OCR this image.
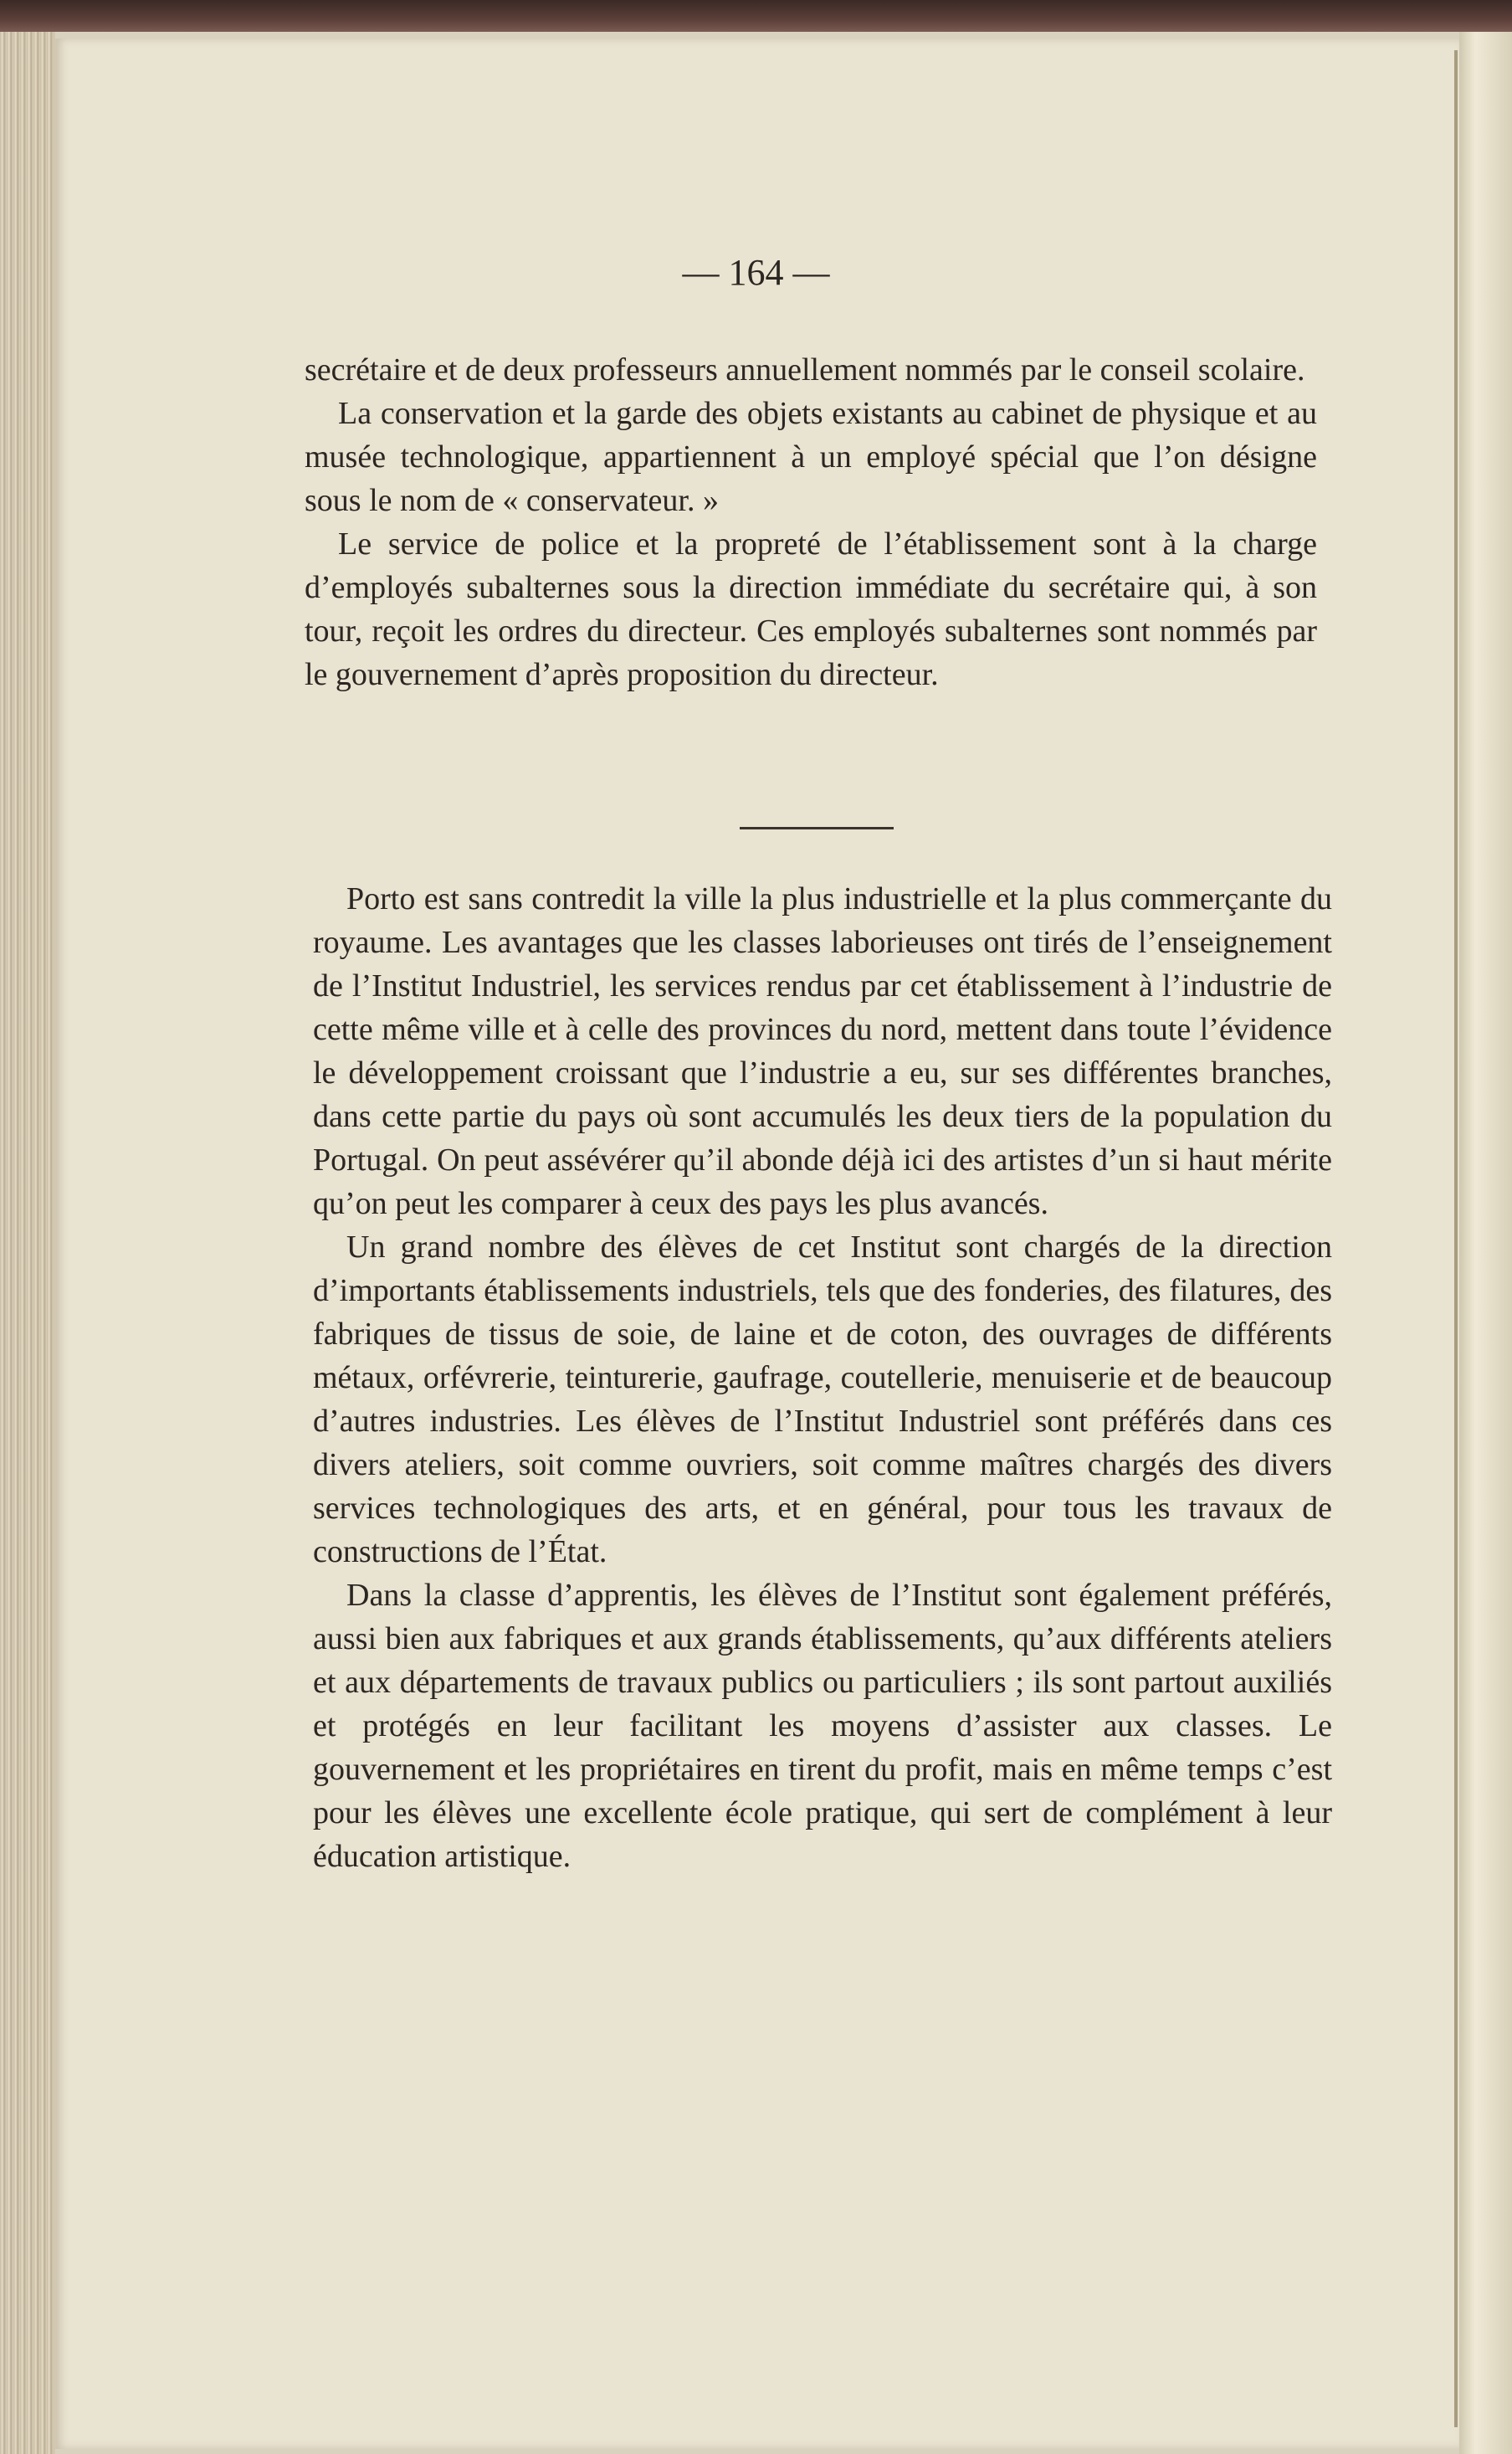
— 164 —

secrétaire et de deux professeurs annuellement nommés par le conseil scolaire.

La conservation et la garde des objets existants au cabinet de physique et au musée technologique, appartiennent à un employé spécial que l’on désigne sous le nom de « conservateur. »

Le service de police et la propreté de l’établissement sont à la charge d’employés subalternes sous la direction immédiate du secrétaire qui, à son tour, reçoit les ordres du directeur. Ces employés subalternes sont nommés par le gouvernement d’après proposition du directeur.

Porto est sans contredit la ville la plus industrielle et la plus commerçante du royaume. Les avantages que les classes laborieuses ont tirés de l’enseignement de l’Institut Industriel, les services rendus par cet établissement à l’industrie de cette même ville et à celle des provinces du nord, mettent dans toute l’évidence le développement croissant que l’industrie a eu, sur ses différentes branches, dans cette partie du pays où sont accumulés les deux tiers de la population du Portugal. On peut assévérer qu’il abonde déjà ici des artistes d’un si haut mérite qu’on peut les comparer à ceux des pays les plus avancés.

Un grand nombre des élèves de cet Institut sont chargés de la direction d’importants établissements industriels, tels que des fonderies, des filatures, des fabriques de tissus de soie, de laine et de coton, des ouvrages de différents métaux, orfévrerie, teinturerie, gaufrage, coutellerie, menuiserie et de beaucoup d’autres industries. Les élèves de l’Institut Industriel sont préférés dans ces divers ateliers, soit comme ouvriers, soit comme maîtres chargés des divers services technologiques des arts, et en général, pour tous les travaux de constructions de l’État.

Dans la classe d’apprentis, les élèves de l’Institut sont également préférés, aussi bien aux fabriques et aux grands établissements, qu’aux différents ateliers et aux départements de travaux publics ou particuliers ; ils sont partout auxiliés et protégés en leur facilitant les moyens d’assister aux classes. Le gouvernement et les propriétaires en tirent du profit, mais en même temps c’est pour les élèves une excellente école pratique, qui sert de complément à leur éducation artistique.
